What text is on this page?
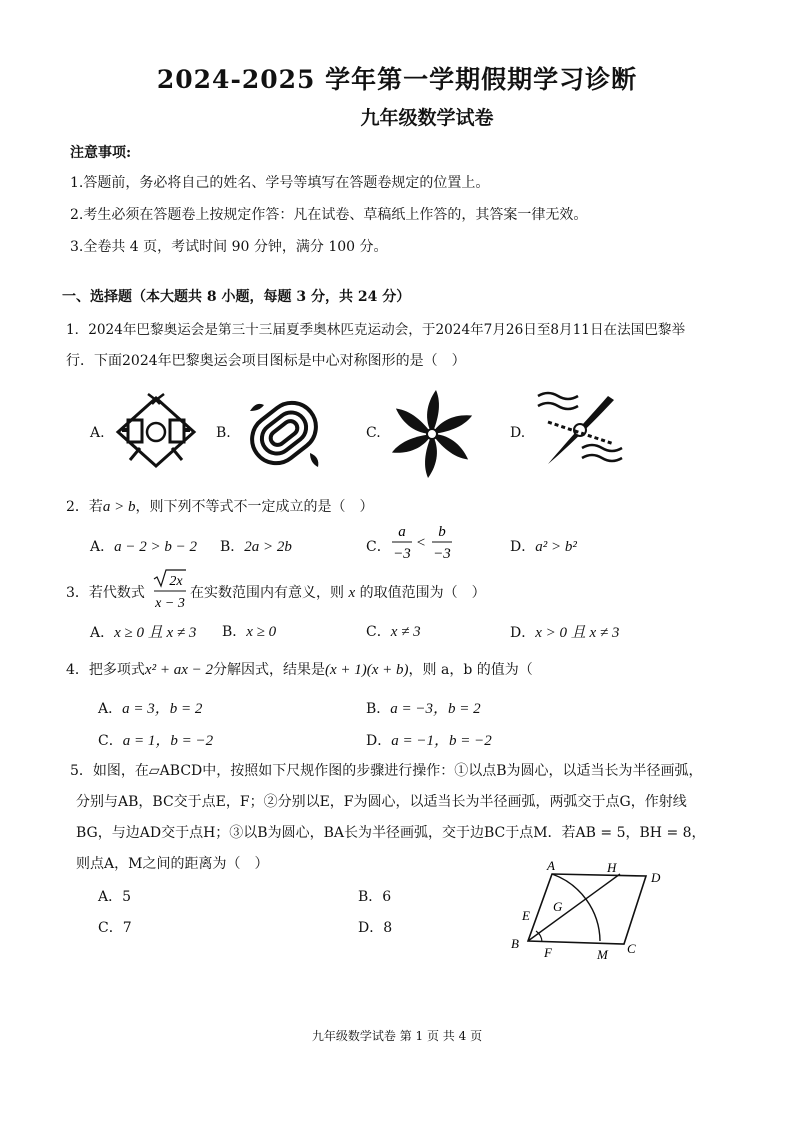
2024-2025 学年第一学期假期学习诊断
九年级数学试卷
注意事项:
1.答题前，务必将自己的姓名、学号等填写在答题卷规定的位置上。
2.考生必须在答题卷上按规定作答：凡在试卷、草稿纸上作答的，其答案一律无效。
3.全卷共 4 页，考试时间 90 分钟，满分 100 分。
一、选择题（本大题共 8 小题，每题 3 分，共 24 分）
1．2024年巴黎奥运会是第三十三届夏季奥林匹克运动会，于2024年7月26日至8月11日在法国巴黎举
行．下面2024年巴黎奥运会项目图标是中心对称图形的是（　）
A.	B.	C.	D.
2．若a > b，则下列不等式不一定成立的是（　）
A．a − 2 > b − 2 B．2a > 2b	C．
a
−3
<
b
−3	D．a² > b²
3．若代数式
2x
x − 3
在实数范围内有意义，则 x 的取值范围为（　）
A．x ≥ 0 且 x ≠ 3 B．x ≥ 0	C．x ≠ 3	D．x > 0 且 x ≠ 3
4．把多项式x² + ax − 2分解因式，结果是(x + 1)(x + b)，则 a，b 的值为（
A．a = 3，b = 2	B．a = −3，b = 2
C．a = 1，b = −2	D．a = −1，b = −2
5．如图，在▱ABCD中，按照如下尺规作图的步骤进行操作：①以点B为圆心，以适当长为半径画弧，
分别与AB，BC交于点E，F；②分别以E，F为圆心，以适当长为半径画弧，两弧交于点G，作射线
BG，与边AD交于点H；③以B为圆心，BA长为半径画弧，交于边BC于点M．若AB = 5，BH = 8，
则点A，M之间的距离为（　）
A．5	B．6
C．7	D．8
A	H
D
E
G
B
F	M C
九年级数学试卷 第 1 页 共 4 页
